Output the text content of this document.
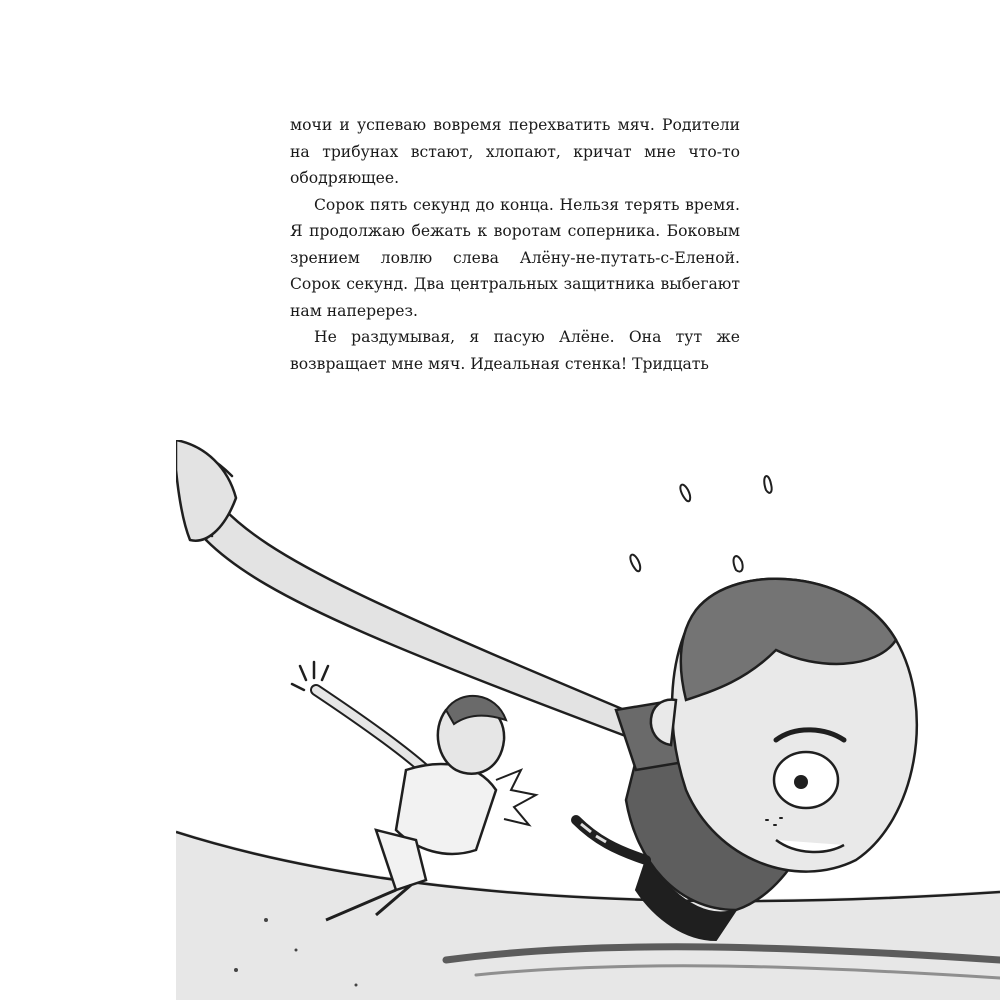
мочи и успеваю вовремя перехватить мяч. Родители на трибунах встают, хлопают, кричат мне что-то ободряющее.

Сорок пять секунд до конца. Нельзя терять время. Я продолжаю бежать к воротам соперника. Боковым зрением ловлю слева Алёну-не-путать-с-Еленой. Сорок секунд. Два центральных защитника выбегают нам наперерез.

Не раздумывая, я пасую Алёне. Она тут же возвращает мне мяч. Идеальная стенка! Тридцать
